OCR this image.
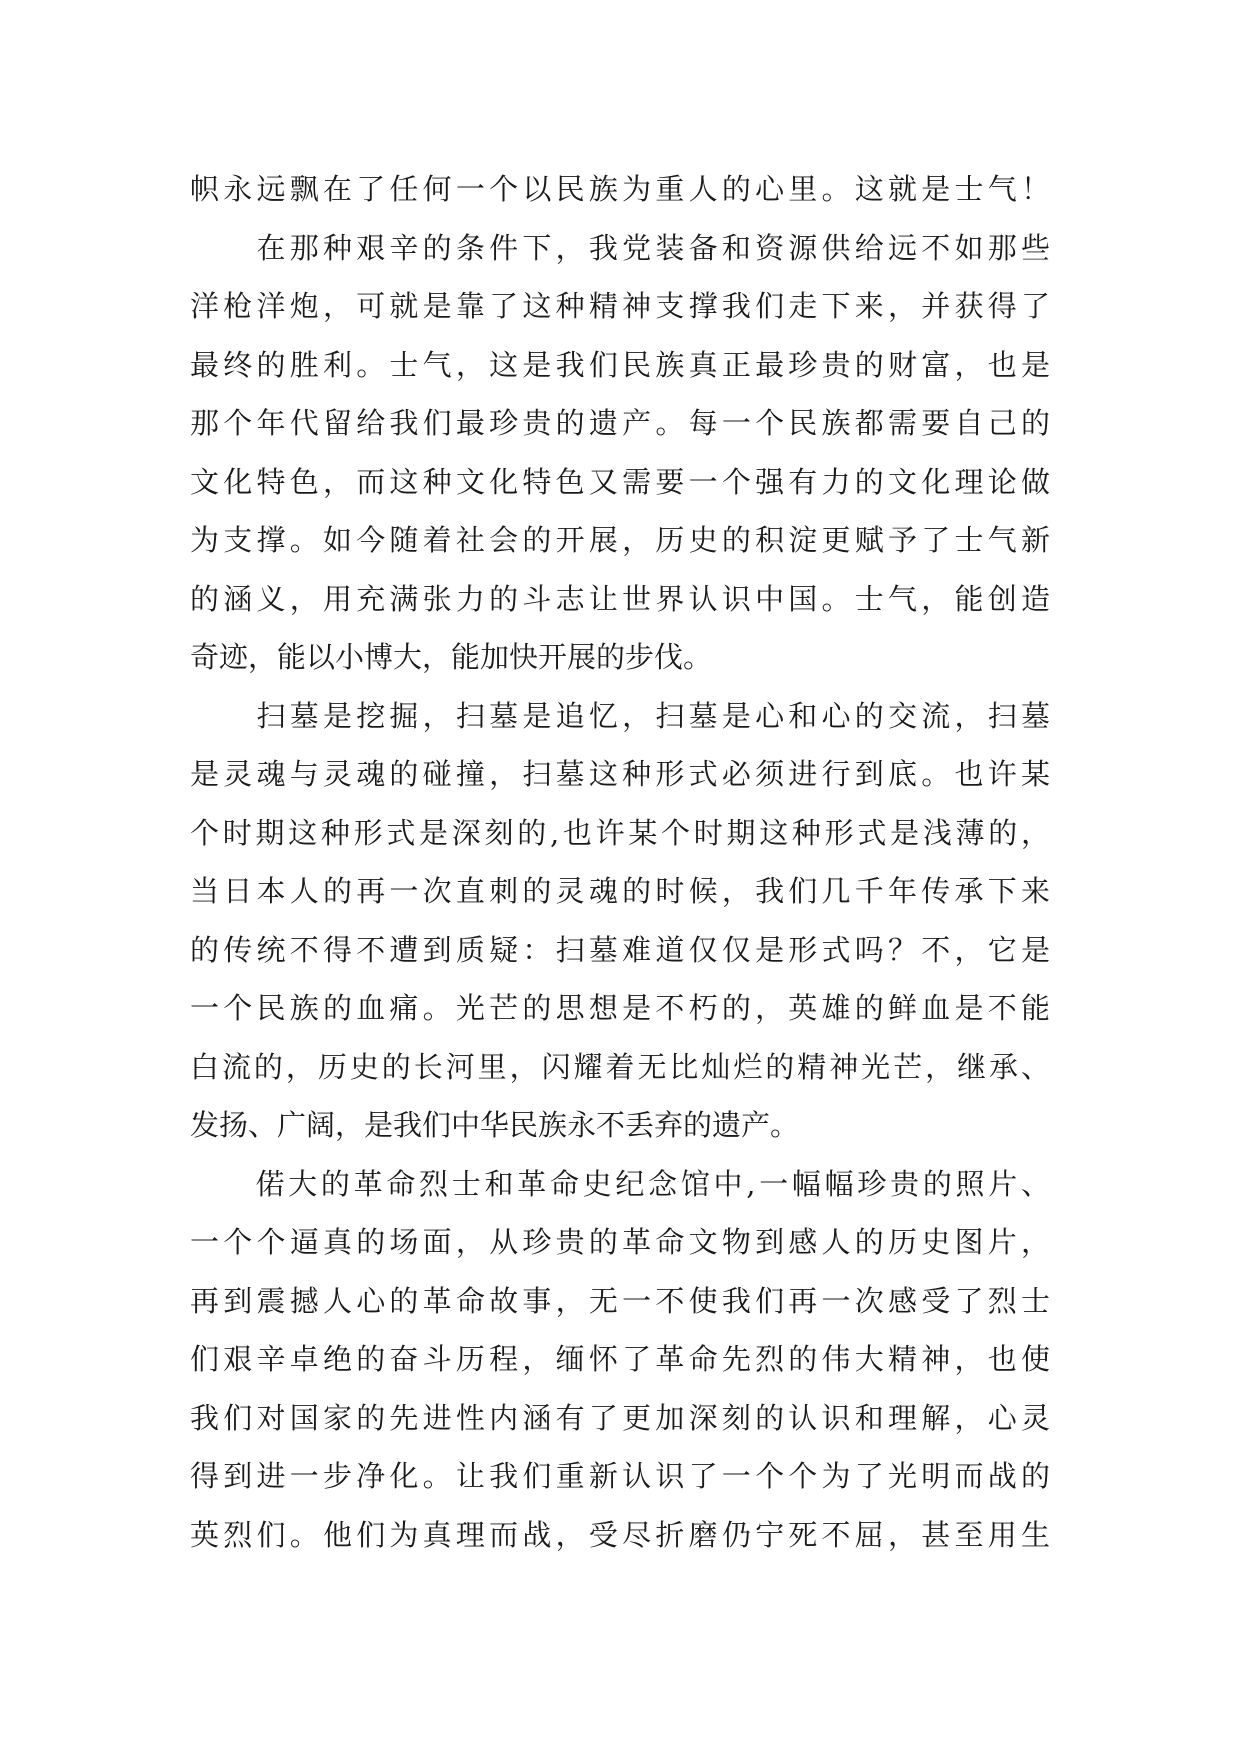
帜永远飘在了任何一个以民族为重人的心里。这就是士气！
　　在那种艰辛的条件下，我党装备和资源供给远不如那些
洋枪洋炮，可就是靠了这种精神支撑我们走下来，并获得了
最终的胜利。士气，这是我们民族真正最珍贵的财富，也是
那个年代留给我们最珍贵的遗产。每一个民族都需要自己的
文化特色，而这种文化特色又需要一个强有力的文化理论做
为支撑。如今随着社会的开展，历史的积淀更赋予了士气新
的涵义，用充满张力的斗志让世界认识中国。士气，能创造
奇迹，能以小博大，能加快开展的步伐。
　　扫墓是挖掘，扫墓是追忆，扫墓是心和心的交流，扫墓
是灵魂与灵魂的碰撞，扫墓这种形式必须进行到底。也许某
个时期这种形式是深刻的,也许某个时期这种形式是浅薄的，
当日本人的再一次直刺的灵魂的时候，我们几千年传承下来
的传统不得不遭到质疑：扫墓难道仅仅是形式吗？不，它是
一个民族的血痛。光芒的思想是不朽的，英雄的鲜血是不能
白流的，历史的长河里，闪耀着无比灿烂的精神光芒，继承、
发扬、广阔，是我们中华民族永不丢弃的遗产。
　　偌大的革命烈士和革命史纪念馆中,一幅幅珍贵的照片、
一个个逼真的场面，从珍贵的革命文物到感人的历史图片，
再到震撼人心的革命故事，无一不使我们再一次感受了烈士
们艰辛卓绝的奋斗历程，缅怀了革命先烈的伟大精神，也使
我们对国家的先进性内涵有了更加深刻的认识和理解，心灵
得到进一步净化。让我们重新认识了一个个为了光明而战的
英烈们。他们为真理而战，受尽折磨仍宁死不屈，甚至用生
